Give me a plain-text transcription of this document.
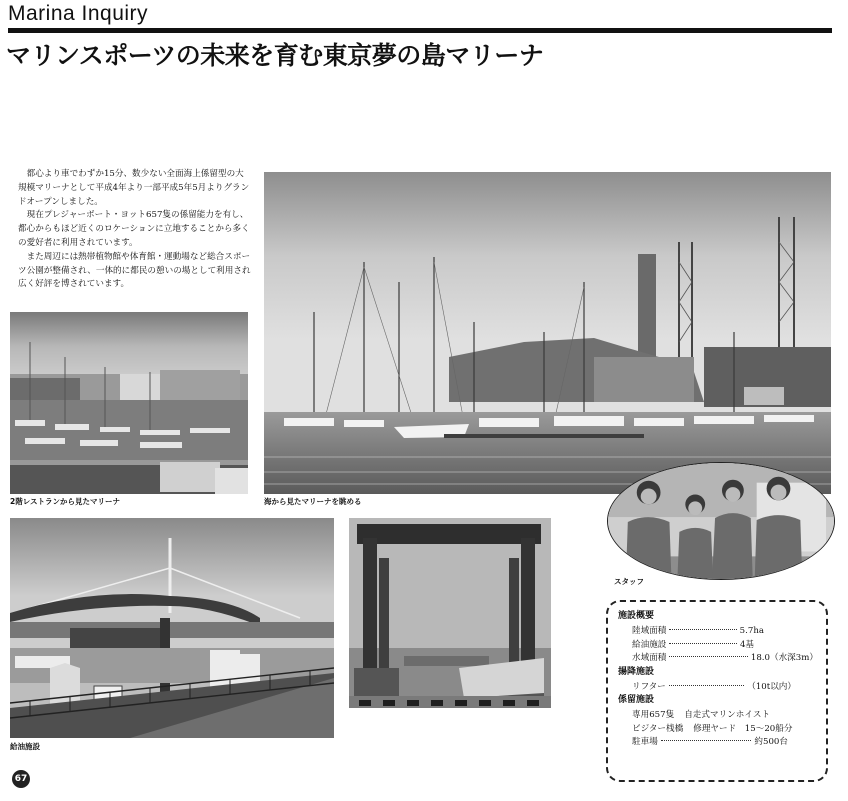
Marina Inquiry
マリンスポーツの未来を育む東京夢の島マリーナ

都心より車でわずか15分、数少ない全面海上係留型の大規模マリーナとして平成4年より一部平成5年5月よりグランドオープンしました。

現在プレジャーボート・ヨット657隻の係留能力を有し、都心からもほど近くのロケーションに立地することから多くの愛好者に利用されています。

また周辺には熱帯植物館や体育館・運動場など総合スポーツ公園が整備され、一体的に都民の憩いの場として利用され広く好評を博されています。

2階レストランから見たマリーナ	海から見たマリーナを眺める
スタッフ
給油施設
施設概要
陸域面積	5.7ha
給油施設	4基
水域面積	18.0（水深3m）
揚降施設
リフター	（10t以内）
係留施設
専用657隻 自走式マリンホイスト
ビジター桟橋 修理ヤード　15～20船分
駐車場	約500台
67
